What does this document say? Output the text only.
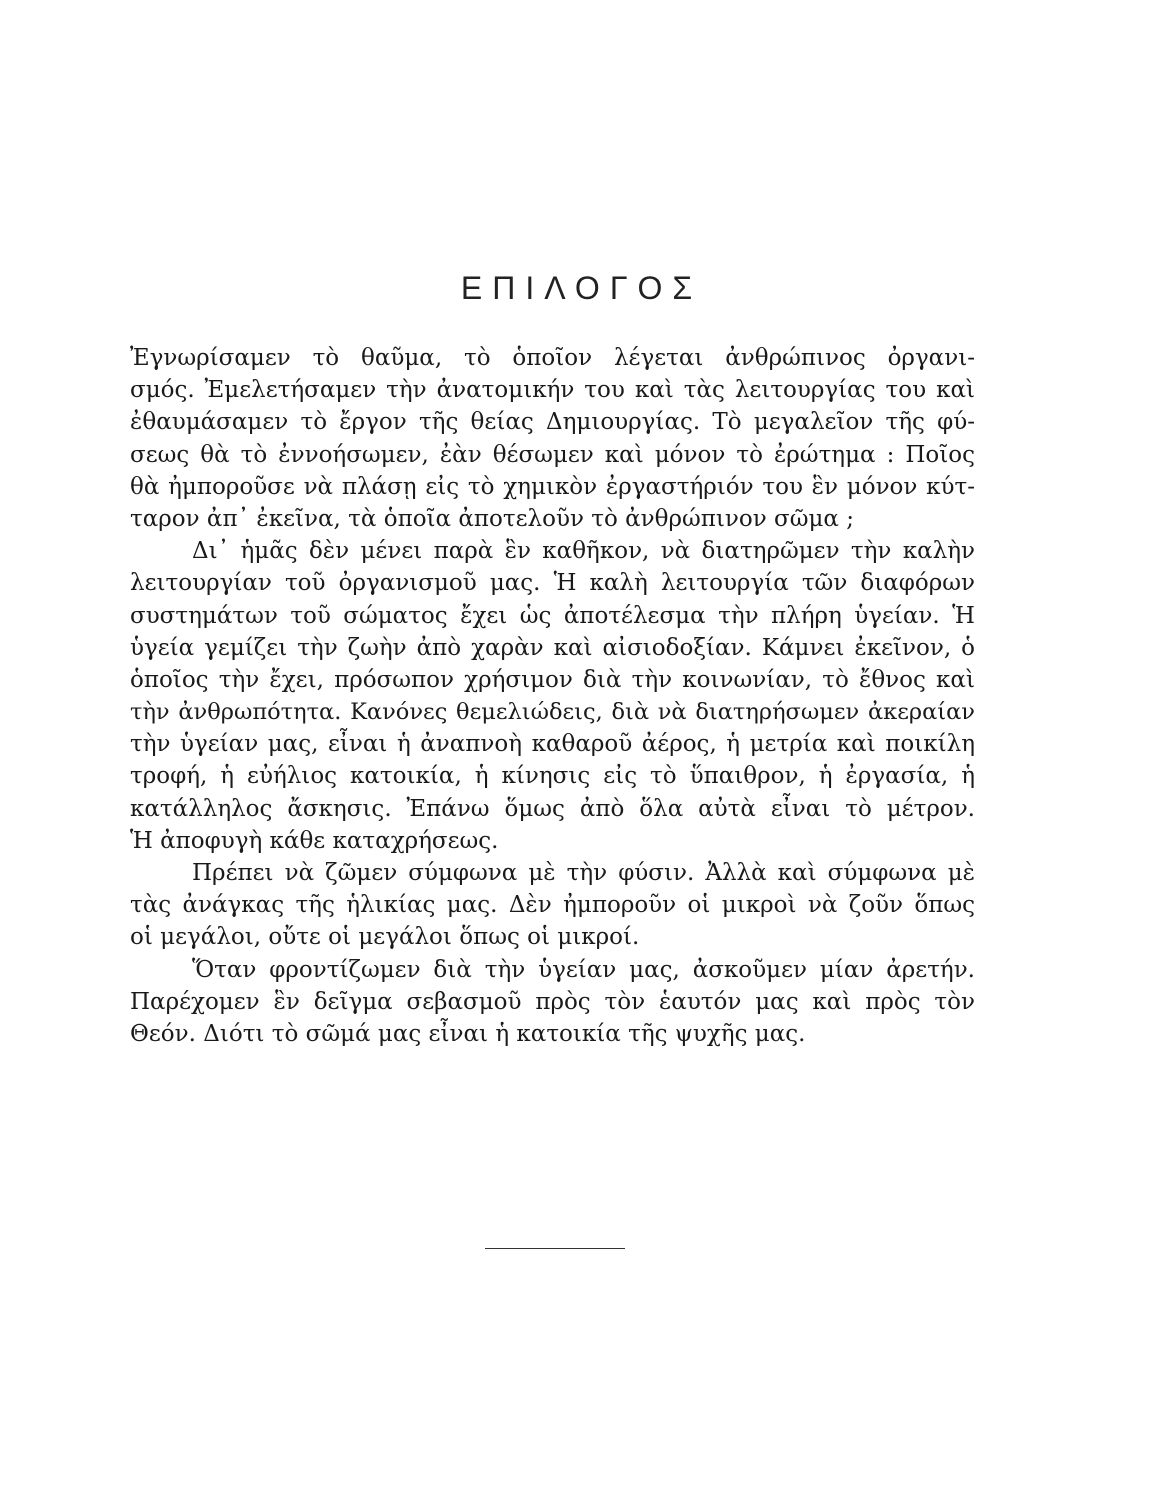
ΕΠΙΛΟΓΟΣ
Ἐγνωρίσαμεν τὸ θαῦμα, τὸ ὁποῖον λέγεται ἀνθρώπινος ὀργανι-
σμός. Ἐμελετήσαμεν τὴν ἀνατομικήν του καὶ τὰς λειτουργίας του καὶ
ἐθαυμάσαμεν τὸ ἔργον τῆς θείας Δημιουργίας. Τὸ μεγαλεῖον τῆς φύ-
σεως θὰ τὸ ἐννοήσωμεν, ἐὰν θέσωμεν καὶ μόνον τὸ ἐρώτημα : Ποῖος
θὰ ἠμποροῦσε νὰ πλάσῃ εἰς τὸ χημικὸν ἐργαστήριόν του ἓν μόνον κύτ-
ταρον ἀπ᾽ ἐκεῖνα, τὰ ὁποῖα ἀποτελοῦν τὸ ἀνθρώπινον σῶμα ;
Δι᾽ ἡμᾶς δὲν μένει παρὰ ἓν καθῆκον, νὰ διατηρῶμεν τὴν καλὴν
λειτουργίαν τοῦ ὀργανισμοῦ μας. Ἡ καλὴ λειτουργία τῶν διαφόρων
συστημάτων τοῦ σώματος ἔχει ὡς ἀποτέλεσμα τὴν πλήρη ὑγείαν. Ἡ
ὑγεία γεμίζει τὴν ζωὴν ἀπὸ χαρὰν καὶ αἰσιοδοξίαν. Κάμνει ἐκεῖνον, ὁ
ὁποῖος τὴν ἔχει, πρόσωπον χρήσιμον διὰ τὴν κοινωνίαν, τὸ ἔθνος καὶ
τὴν ἀνθρωπότητα. Κανόνες θεμελιώδεις, διὰ νὰ διατηρήσωμεν ἀκεραίαν
τὴν ὑγείαν μας, εἶναι ἡ ἀναπνοὴ καθαροῦ ἀέρος, ἡ μετρία καὶ ποικίλη
τροφή, ἡ εὐήλιος κατοικία, ἡ κίνησις εἰς τὸ ὕπαιθρον, ἡ ἐργασία, ἡ
κατάλληλος ἄσκησις. Ἐπάνω ὅμως ἀπὸ ὅλα αὐτὰ εἶναι τὸ μέτρον.
Ἡ ἀποφυγὴ κάθε καταχρήσεως.
Πρέπει νὰ ζῶμεν σύμφωνα μὲ τὴν φύσιν. Ἀλλὰ καὶ σύμφωνα μὲ
τὰς ἀνάγκας τῆς ἡλικίας μας. Δὲν ἠμποροῦν οἱ μικροὶ νὰ ζοῦν ὅπως
οἱ μεγάλοι, οὔτε οἱ μεγάλοι ὅπως οἱ μικροί.
Ὅταν φροντίζωμεν διὰ τὴν ὑγείαν μας, ἀσκοῦμεν μίαν ἀρετήν.
Παρέχομεν ἓν δεῖγμα σεβασμοῦ πρὸς τὸν ἑαυτόν μας καὶ πρὸς τὸν
Θεόν. Διότι τὸ σῶμά μας εἶναι ἡ κατοικία τῆς ψυχῆς μας.
